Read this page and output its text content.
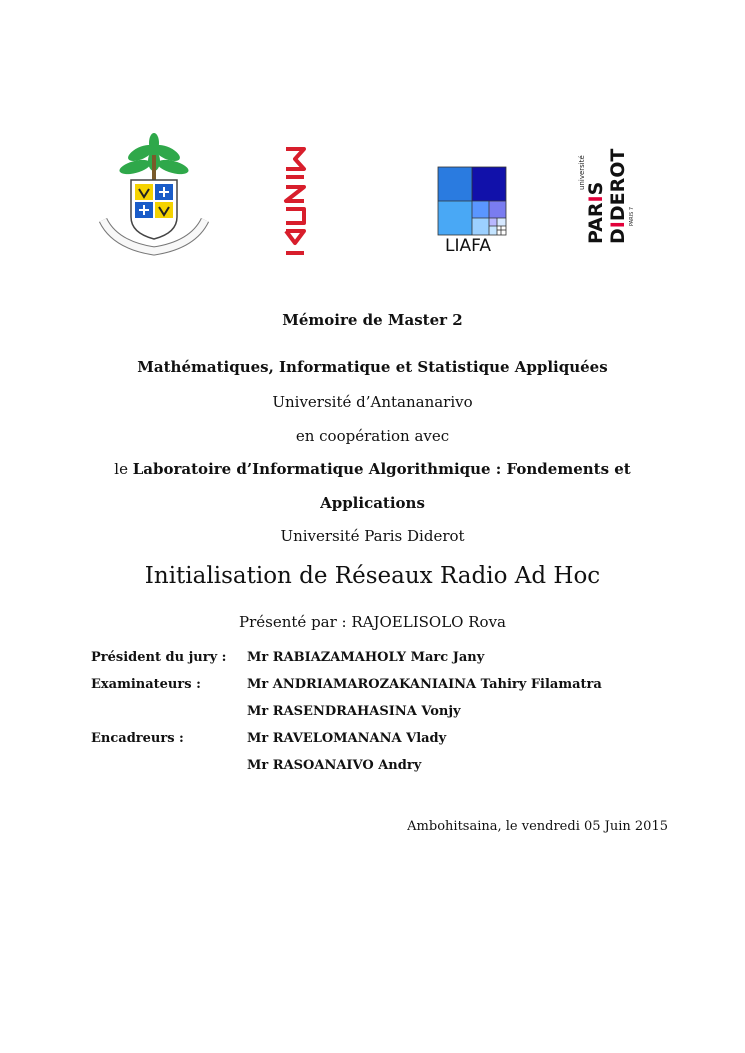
LIAFA
université
PARIS
DIDEROT PARIS 7
Mémoire de Master 2
Mathématiques, Informatique et Statistique Appliquées
Université d’Antananarivo
en coopération avec
le Laboratoire d’Informatique Algorithmique : Fondements et
Applications
Université Paris Diderot
Initialisation de Réseaux Radio Ad Hoc
Présenté par : RAJOELISOLO Rova
Président du jury : Mr RABIAZAMAHOLY Marc Jany
Examinateurs :	Mr ANDRIAMAROZAKANIAINA Tahiry Filamatra
Mr RASENDRAHASINA Vonjy
Encadreurs :	Mr RAVELOMANANA Vlady
Mr RASOANAIVO Andry
Ambohitsaina, le vendredi 05 Juin 2015
